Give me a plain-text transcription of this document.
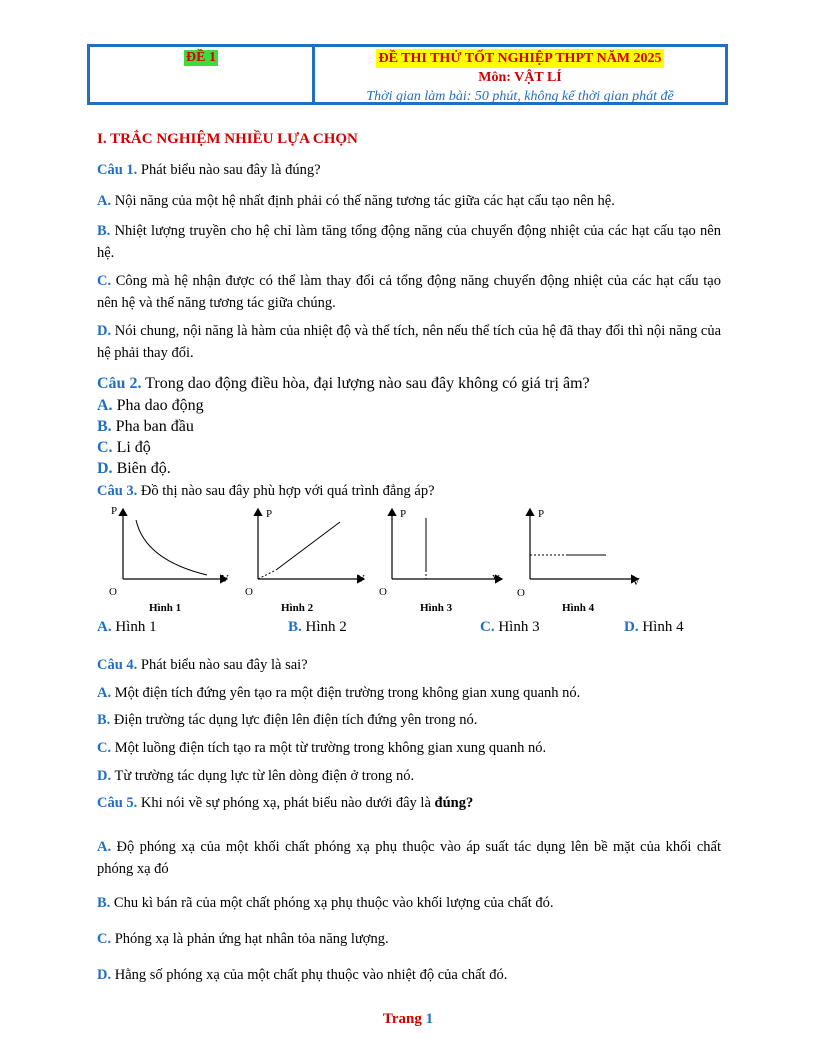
ĐỀ 1	ĐỀ THI THỬ TỐT NGHIỆP THPT NĂM 2025
Môn: VẬT LÍ
Thời gian làm bài: 50 phút, không kể thời gian phát đề
I. TRẮC NGHIỆM NHIỀU LỰA CHỌN
Câu 1. Phát biểu nào sau đây là đúng?
A. Nội năng của một hệ nhất định phải có thế năng tương tác giữa các hạt cấu tạo nên hệ.
B. Nhiệt lượng truyền cho hệ chỉ làm tăng tổng động năng của chuyển động nhiệt của các hạt cấu tạo nên hệ.
C. Công mà hệ nhận được có thể làm thay đổi cả tổng động năng chuyển động nhiệt của các hạt cấu tạo nên hệ và thế năng tương tác giữa chúng.
D. Nói chung, nội năng là hàm của nhiệt độ và thể tích, nên nếu thể tích của hệ đã thay đổi thì nội năng của hệ phải thay đổi.
Câu 2. Trong dao động điều hòa, đại lượng nào sau đây không có giá trị âm?
A. Pha dao động
B. Pha ban đầu
C. Li độ
D. Biên độ.
Câu 3. Đồ thị nào sau đây phù hợp với quá trình đẳng áp?
P
V
O
Hình 1
P
V
O
Hình 2
P
V
O
Hình 3
P
V
O
Hình 4
A. Hình 1	B. Hình 2	C. Hình 3	D. Hình 4
Câu 4. Phát biểu nào sau đây là sai?
A. Một điện tích đứng yên tạo ra một điện trường trong không gian xung quanh nó.
B. Điện trường tác dụng lực điện lên điện tích đứng yên trong nó.
C. Một luồng điện tích tạo ra một từ trường trong không gian xung quanh nó.
D. Từ trường tác dụng lực từ lên dòng điện ở trong nó.
Câu 5. Khi nói về sự phóng xạ, phát biểu nào dưới đây là đúng?
A. Độ phóng xạ của một khối chất phóng xạ phụ thuộc vào áp suất tác dụng lên bề mặt của khối chất phóng xạ đó
B. Chu kì bán rã của một chất phóng xạ phụ thuộc vào khối lượng của chất đó.
C. Phóng xạ là phản ứng hạt nhân tỏa năng lượng.
D. Hằng số phóng xạ của một chất phụ thuộc vào nhiệt độ của chất đó.
Trang 1
